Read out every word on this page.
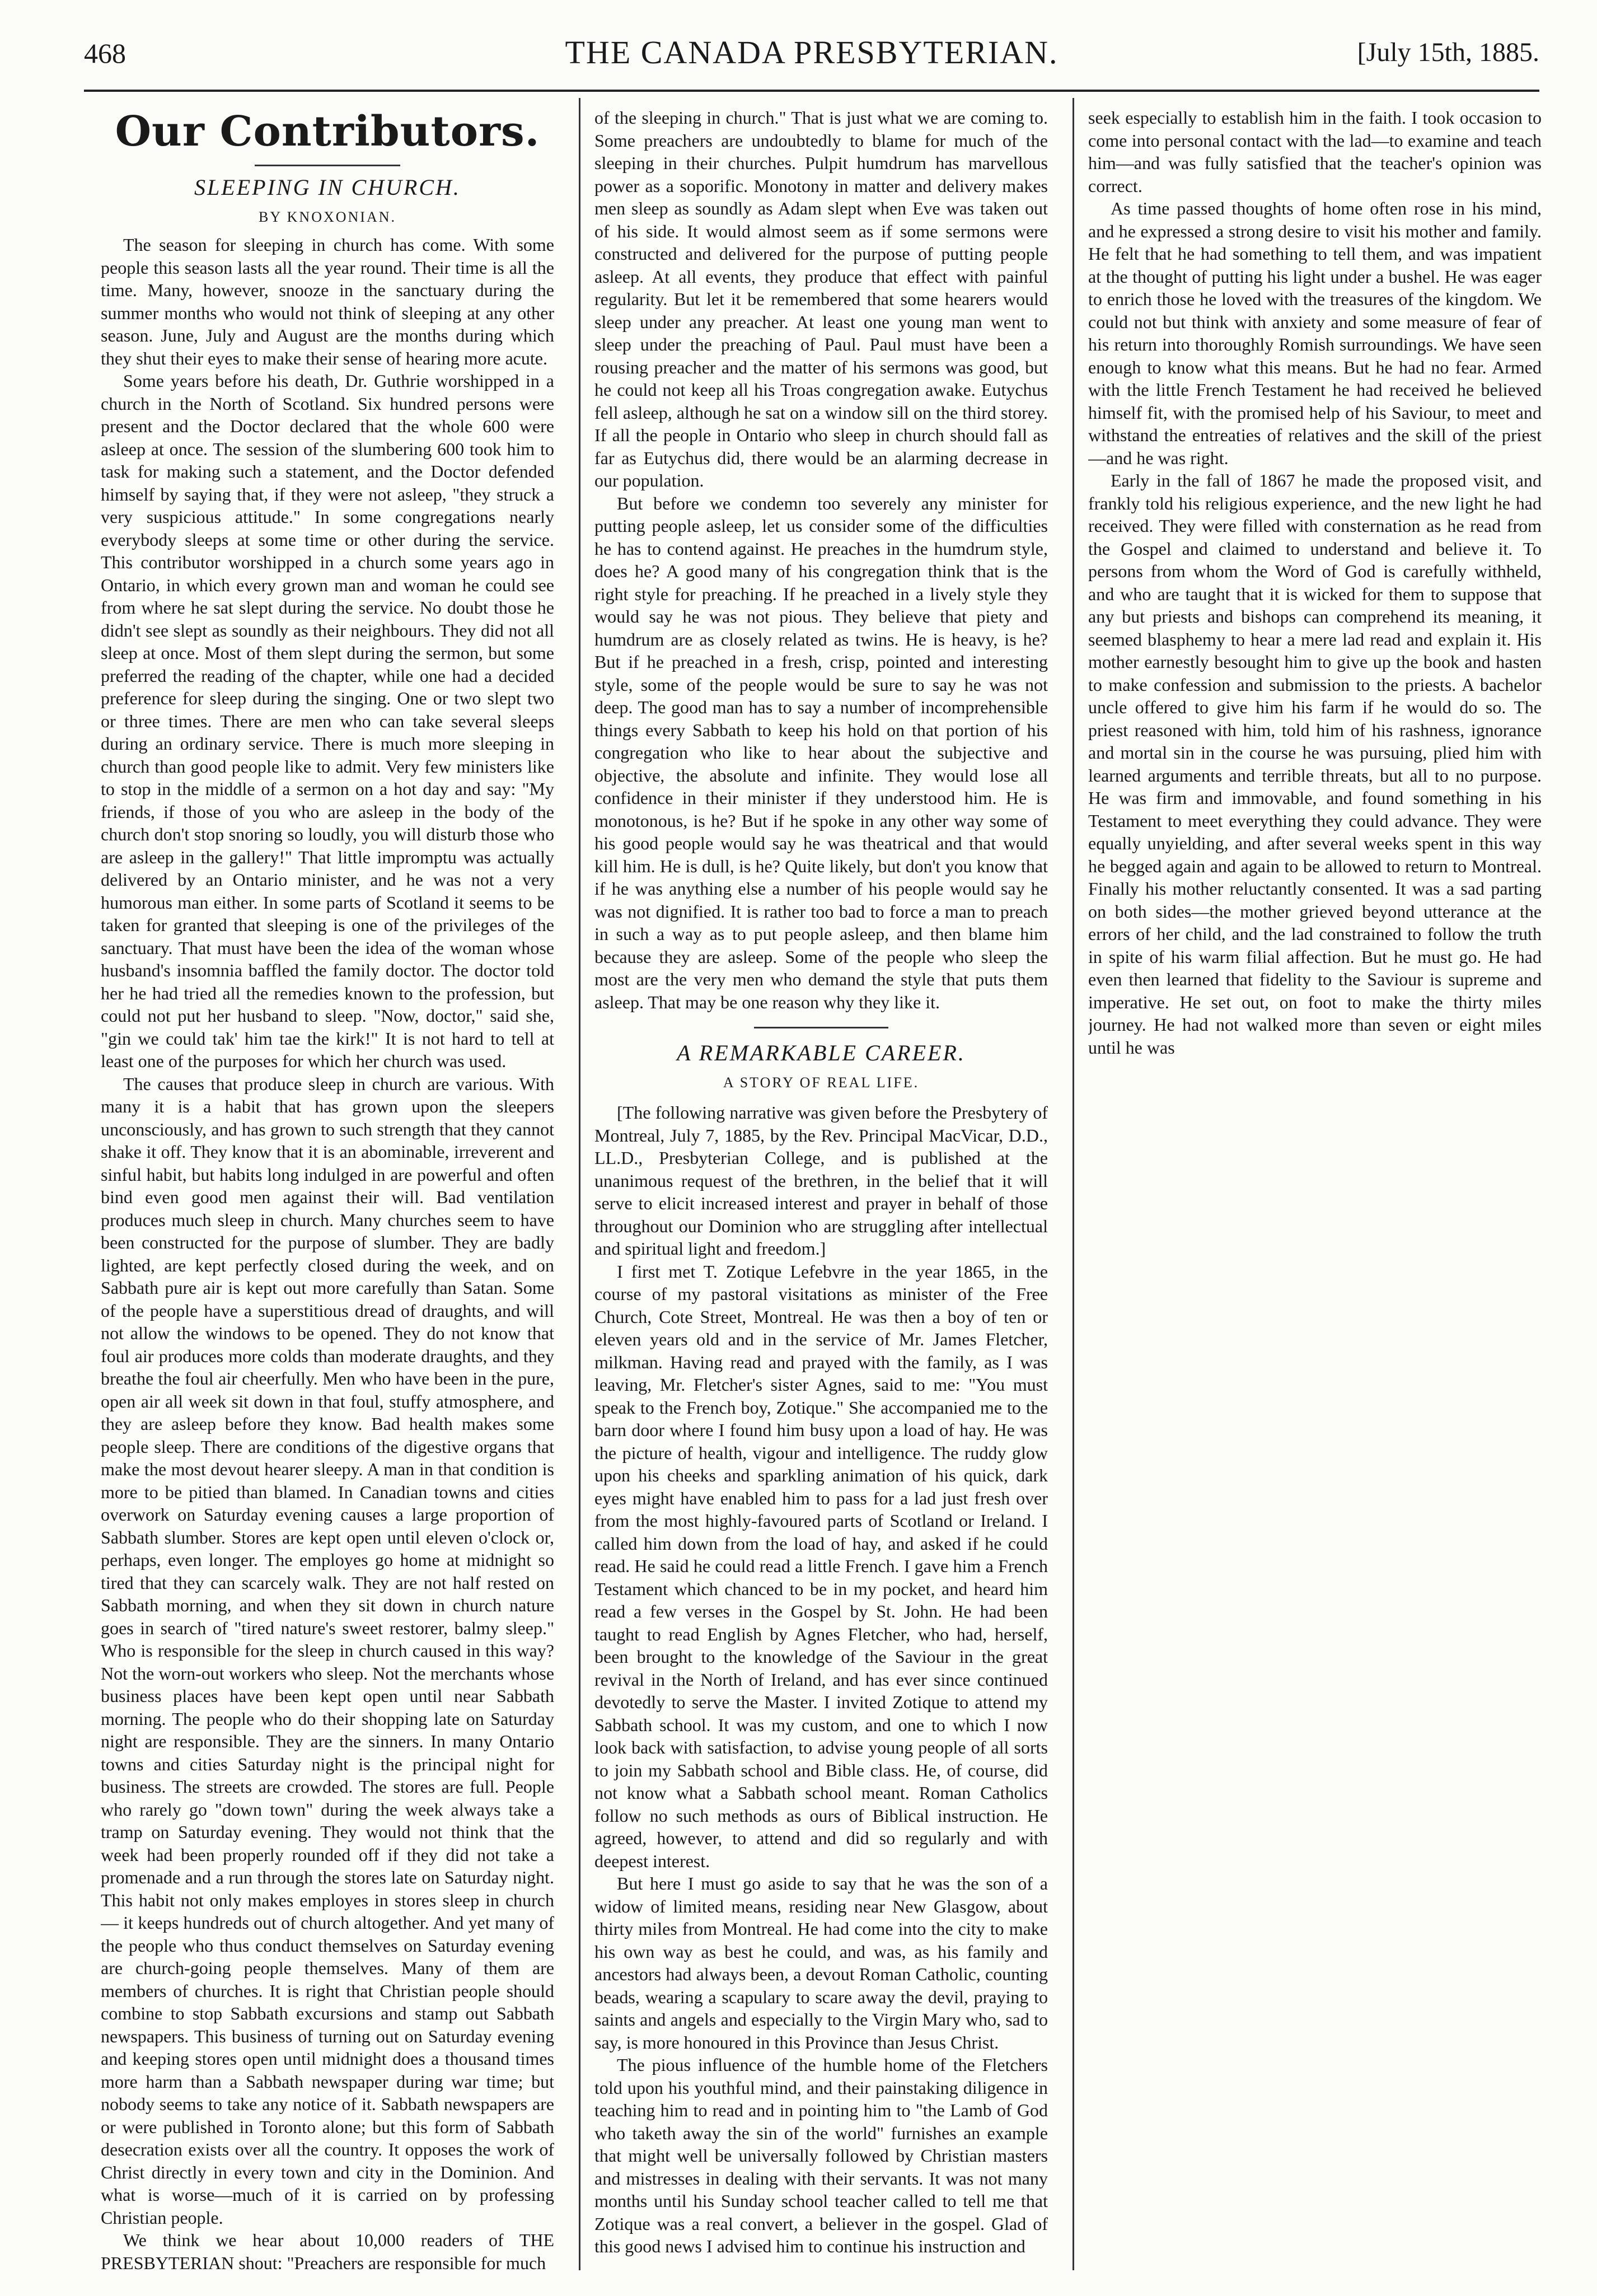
468	THE CANADA PRESBYTERIAN.	[July 15th, 1885.
Our Contributors.
SLEEPING IN CHURCH.
BY KNOXONIAN.

The season for sleeping in church has come. With some people this season lasts all the year round. Their time is all the time. Many, however, snooze in the sanctuary during the summer months who would not think of sleeping at any other season. June, July and August are the months during which they shut their eyes to make their sense of hearing more acute.

Some years before his death, Dr. Guthrie worshipped in a church in the North of Scotland. Six hundred persons were present and the Doctor declared that the whole 600 were asleep at once. The session of the slumbering 600 took him to task for making such a statement, and the Doctor defended himself by saying that, if they were not asleep, "they struck a very suspicious attitude." In some congregations nearly everybody sleeps at some time or other during the service. This contributor worshipped in a church some years ago in Ontario, in which every grown man and woman he could see from where he sat slept during the service. No doubt those he didn't see slept as soundly as their neighbours. They did not all sleep at once. Most of them slept during the sermon, but some preferred the reading of the chapter, while one had a decided preference for sleep during the singing. One or two slept two or three times. There are men who can take several sleeps during an ordinary service. There is much more sleeping in church than good people like to admit. Very few ministers like to stop in the middle of a sermon on a hot day and say: "My friends, if those of you who are asleep in the body of the church don't stop snoring so loudly, you will disturb those who are asleep in the gallery!" That little impromptu was actually delivered by an Ontario minister, and he was not a very humorous man either. In some parts of Scotland it seems to be taken for granted that sleeping is one of the privileges of the sanctuary. That must have been the idea of the woman whose husband's insomnia baffled the family doctor. The doctor told her he had tried all the remedies known to the profession, but could not put her husband to sleep. "Now, doctor," said she, "gin we could tak' him tae the kirk!" It is not hard to tell at least one of the purposes for which her church was used.

The causes that produce sleep in church are various. With many it is a habit that has grown upon the sleepers unconsciously, and has grown to such strength that they cannot shake it off. They know that it is an abominable, irreverent and sinful habit, but habits long indulged in are powerful and often bind even good men against their will. Bad ventilation produces much sleep in church. Many churches seem to have been constructed for the purpose of slumber. They are badly lighted, are kept perfectly closed during the week, and on Sabbath pure air is kept out more carefully than Satan. Some of the people have a superstitious dread of draughts, and will not allow the windows to be opened. They do not know that foul air produces more colds than moderate draughts, and they breathe the foul air cheerfully. Men who have been in the pure, open air all week sit down in that foul, stuffy atmosphere, and they are asleep before they know. Bad health makes some people sleep. There are conditions of the digestive organs that make the most devout hearer sleepy. A man in that condition is more to be pitied than blamed. In Canadian towns and cities overwork on Saturday evening causes a large proportion of Sabbath slumber. Stores are kept open until eleven o'clock or, perhaps, even longer. The employes go home at midnight so tired that they can scarcely walk. They are not half rested on Sabbath morning, and when they sit down in church nature goes in search of "tired nature's sweet restorer, balmy sleep." Who is responsible for the sleep in church caused in this way? Not the worn-out workers who sleep. Not the merchants whose business places have been kept open until near Sabbath morning. The people who do their shopping late on Saturday night are responsible. They are the sinners. In many Ontario towns and cities Saturday night is the principal night for business. The streets are crowded. The stores are full. People who rarely go "down town" during the week always take a tramp on Saturday evening. They would not think that the week had been properly rounded off if they did not take a promenade and a run through the stores late on Saturday night. This habit not only makes employes in stores sleep in church — it keeps hundreds out of church altogether. And yet many of the people who thus conduct themselves on Saturday evening are church-going people themselves. Many of them are members of churches. It is right that Christian people should combine to stop Sabbath excursions and stamp out Sabbath newspapers. This business of turning out on Saturday evening and keeping stores open until midnight does a thousand times more harm than a Sabbath newspaper during war time; but nobody seems to take any notice of it. Sabbath newspapers are or were published in Toronto alone; but this form of Sabbath desecration exists over all the country. It opposes the work of Christ directly in every town and city in the Dominion. And what is worse—much of it is carried on by professing Christian people.

We think we hear about 10,000 readers of THE PRESBYTERIAN shout: "Preachers are responsible for much

of the sleeping in church." That is just what we are coming to. Some preachers are undoubtedly to blame for much of the sleeping in their churches. Pulpit humdrum has marvellous power as a soporific. Monotony in matter and delivery makes men sleep as soundly as Adam slept when Eve was taken out of his side. It would almost seem as if some sermons were constructed and delivered for the purpose of putting people asleep. At all events, they produce that effect with painful regularity. But let it be remembered that some hearers would sleep under any preacher. At least one young man went to sleep under the preaching of Paul. Paul must have been a rousing preacher and the matter of his sermons was good, but he could not keep all his Troas congregation awake. Eutychus fell asleep, although he sat on a window sill on the third storey. If all the people in Ontario who sleep in church should fall as far as Eutychus did, there would be an alarming decrease in our population.

But before we condemn too severely any minister for putting people asleep, let us consider some of the difficulties he has to contend against. He preaches in the humdrum style, does he? A good many of his congregation think that is the right style for preaching. If he preached in a lively style they would say he was not pious. They believe that piety and humdrum are as closely related as twins. He is heavy, is he? But if he preached in a fresh, crisp, pointed and interesting style, some of the people would be sure to say he was not deep. The good man has to say a number of incomprehensible things every Sabbath to keep his hold on that portion of his congregation who like to hear about the subjective and objective, the absolute and infinite. They would lose all confidence in their minister if they understood him. He is monotonous, is he? But if he spoke in any other way some of his good people would say he was theatrical and that would kill him. He is dull, is he? Quite likely, but don't you know that if he was anything else a number of his people would say he was not dignified. It is rather too bad to force a man to preach in such a way as to put people asleep, and then blame him because they are asleep. Some of the people who sleep the most are the very men who demand the style that puts them asleep. That may be one reason why they like it.

A REMARKABLE CAREER.
A STORY OF REAL LIFE.

[The following narrative was given before the Presbytery of Montreal, July 7, 1885, by the Rev. Principal MacVicar, D.D., LL.D., Presbyterian College, and is published at the unanimous request of the brethren, in the belief that it will serve to elicit increased interest and prayer in behalf of those throughout our Dominion who are struggling after intellectual and spiritual light and freedom.]

I first met T. Zotique Lefebvre in the year 1865, in the course of my pastoral visitations as minister of the Free Church, Cote Street, Montreal. He was then a boy of ten or eleven years old and in the service of Mr. James Fletcher, milkman. Having read and prayed with the family, as I was leaving, Mr. Fletcher's sister Agnes, said to me: "You must speak to the French boy, Zotique." She accompanied me to the barn door where I found him busy upon a load of hay. He was the picture of health, vigour and intelligence. The ruddy glow upon his cheeks and sparkling animation of his quick, dark eyes might have enabled him to pass for a lad just fresh over from the most highly-favoured parts of Scotland or Ireland. I called him down from the load of hay, and asked if he could read. He said he could read a little French. I gave him a French Testament which chanced to be in my pocket, and heard him read a few verses in the Gospel by St. John. He had been taught to read English by Agnes Fletcher, who had, herself, been brought to the knowledge of the Saviour in the great revival in the North of Ireland, and has ever since continued devotedly to serve the Master. I invited Zotique to attend my Sabbath school. It was my custom, and one to which I now look back with satisfaction, to advise young people of all sorts to join my Sabbath school and Bible class. He, of course, did not know what a Sabbath school meant. Roman Catholics follow no such methods as ours of Biblical instruction. He agreed, however, to attend and did so regularly and with deepest interest.

But here I must go aside to say that he was the son of a widow of limited means, residing near New Glasgow, about thirty miles from Montreal. He had come into the city to make his own way as best he could, and was, as his family and ancestors had always been, a devout Roman Catholic, counting beads, wearing a scapulary to scare away the devil, praying to saints and angels and especially to the Virgin Mary who, sad to say, is more honoured in this Province than Jesus Christ.

The pious influence of the humble home of the Fletchers told upon his youthful mind, and their painstaking diligence in teaching him to read and in pointing him to "the Lamb of God who taketh away the sin of the world" furnishes an example that might well be universally followed by Christian masters and mistresses in dealing with their servants. It was not many months until his Sunday school teacher called to tell me that Zotique was a real convert, a believer in the gospel. Glad of this good news I advised him to continue his instruction and

seek especially to establish him in the faith. I took occasion to come into personal contact with the lad—to examine and teach him—and was fully satisfied that the teacher's opinion was correct.

As time passed thoughts of home often rose in his mind, and he expressed a strong desire to visit his mother and family. He felt that he had something to tell them, and was impatient at the thought of putting his light under a bushel. He was eager to enrich those he loved with the treasures of the kingdom. We could not but think with anxiety and some measure of fear of his return into thoroughly Romish surroundings. We have seen enough to know what this means. But he had no fear. Armed with the little French Testament he had received he believed himself fit, with the promised help of his Saviour, to meet and withstand the entreaties of relatives and the skill of the priest—and he was right.

Early in the fall of 1867 he made the proposed visit, and frankly told his religious experience, and the new light he had received. They were filled with consternation as he read from the Gospel and claimed to understand and believe it. To persons from whom the Word of God is carefully withheld, and who are taught that it is wicked for them to suppose that any but priests and bishops can comprehend its meaning, it seemed blasphemy to hear a mere lad read and explain it. His mother earnestly besought him to give up the book and hasten to make confession and submission to the priests. A bachelor uncle offered to give him his farm if he would do so. The priest reasoned with him, told him of his rashness, ignorance and mortal sin in the course he was pursuing, plied him with learned arguments and terrible threats, but all to no purpose. He was firm and immovable, and found something in his Testament to meet everything they could advance. They were equally unyielding, and after several weeks spent in this way he begged again and again to be allowed to return to Montreal. Finally his mother reluctantly consented. It was a sad parting on both sides—the mother grieved beyond utterance at the errors of her child, and the lad constrained to follow the truth in spite of his warm filial affection. But he must go. He had even then learned that fidelity to the Saviour is supreme and imperative. He set out, on foot to make the thirty miles journey. He had not walked more than seven or eight miles until he was
